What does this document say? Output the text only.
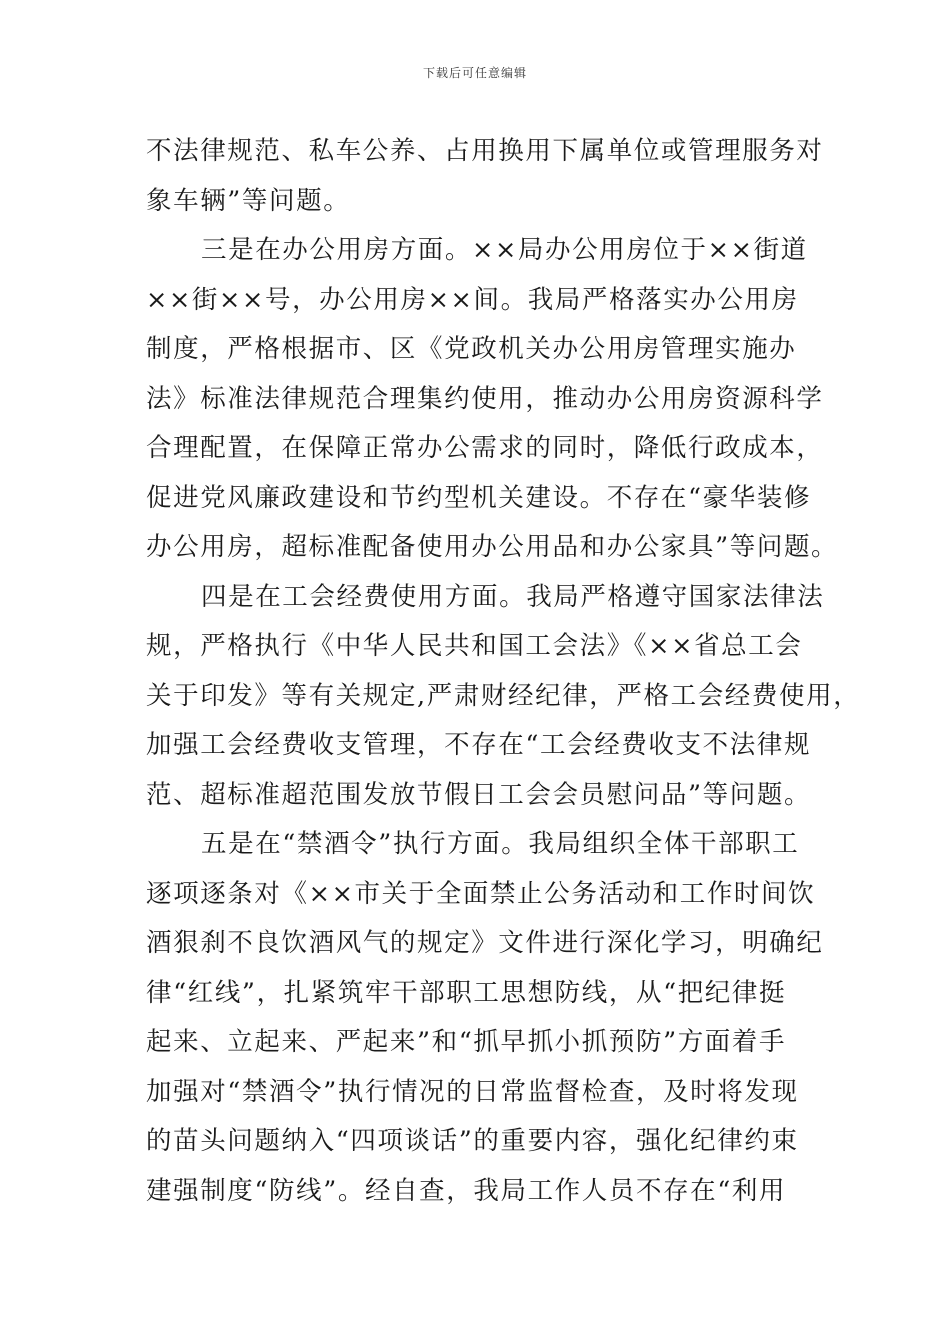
下载后可任意编辑
不法律规范、私车公养、占用换用下属单位或管理服务对
象车辆”等问题。
三是在办公用房方面。××局办公用房位于××街道
××街××号，办公用房××间。我局严格落实办公用房
制度，严格根据市、区《党政机关办公用房管理实施办
法》标准法律规范合理集约使用，推动办公用房资源科学
合理配置，在保障正常办公需求的同时，降低行政成本，
促进党风廉政建设和节约型机关建设。不存在“豪华装修
办公用房，超标准配备使用办公用品和办公家具”等问题。
四是在工会经费使用方面。我局严格遵守国家法律法
规，严格执行《中华人民共和国工会法》《××省总工会
关于印发》等有关规定,严肃财经纪律，严格工会经费使用，
加强工会经费收支管理，不存在“工会经费收支不法律规
范、超标准超范围发放节假日工会会员慰问品”等问题。
五是在“禁酒令”执行方面。我局组织全体干部职工
逐项逐条对《××市关于全面禁止公务活动和工作时间饮
酒狠刹不良饮酒风气的规定》文件进行深化学习，明确纪
律“红线”，扎紧筑牢干部职工思想防线，从“把纪律挺
起来、立起来、严起来”和“抓早抓小抓预防”方面着手
加强对“禁酒令”执行情况的日常监督检查，及时将发现
的苗头问题纳入“四项谈话”的重要内容，强化纪律约束
建强制度“防线”。经自查，我局工作人员不存在“利用
